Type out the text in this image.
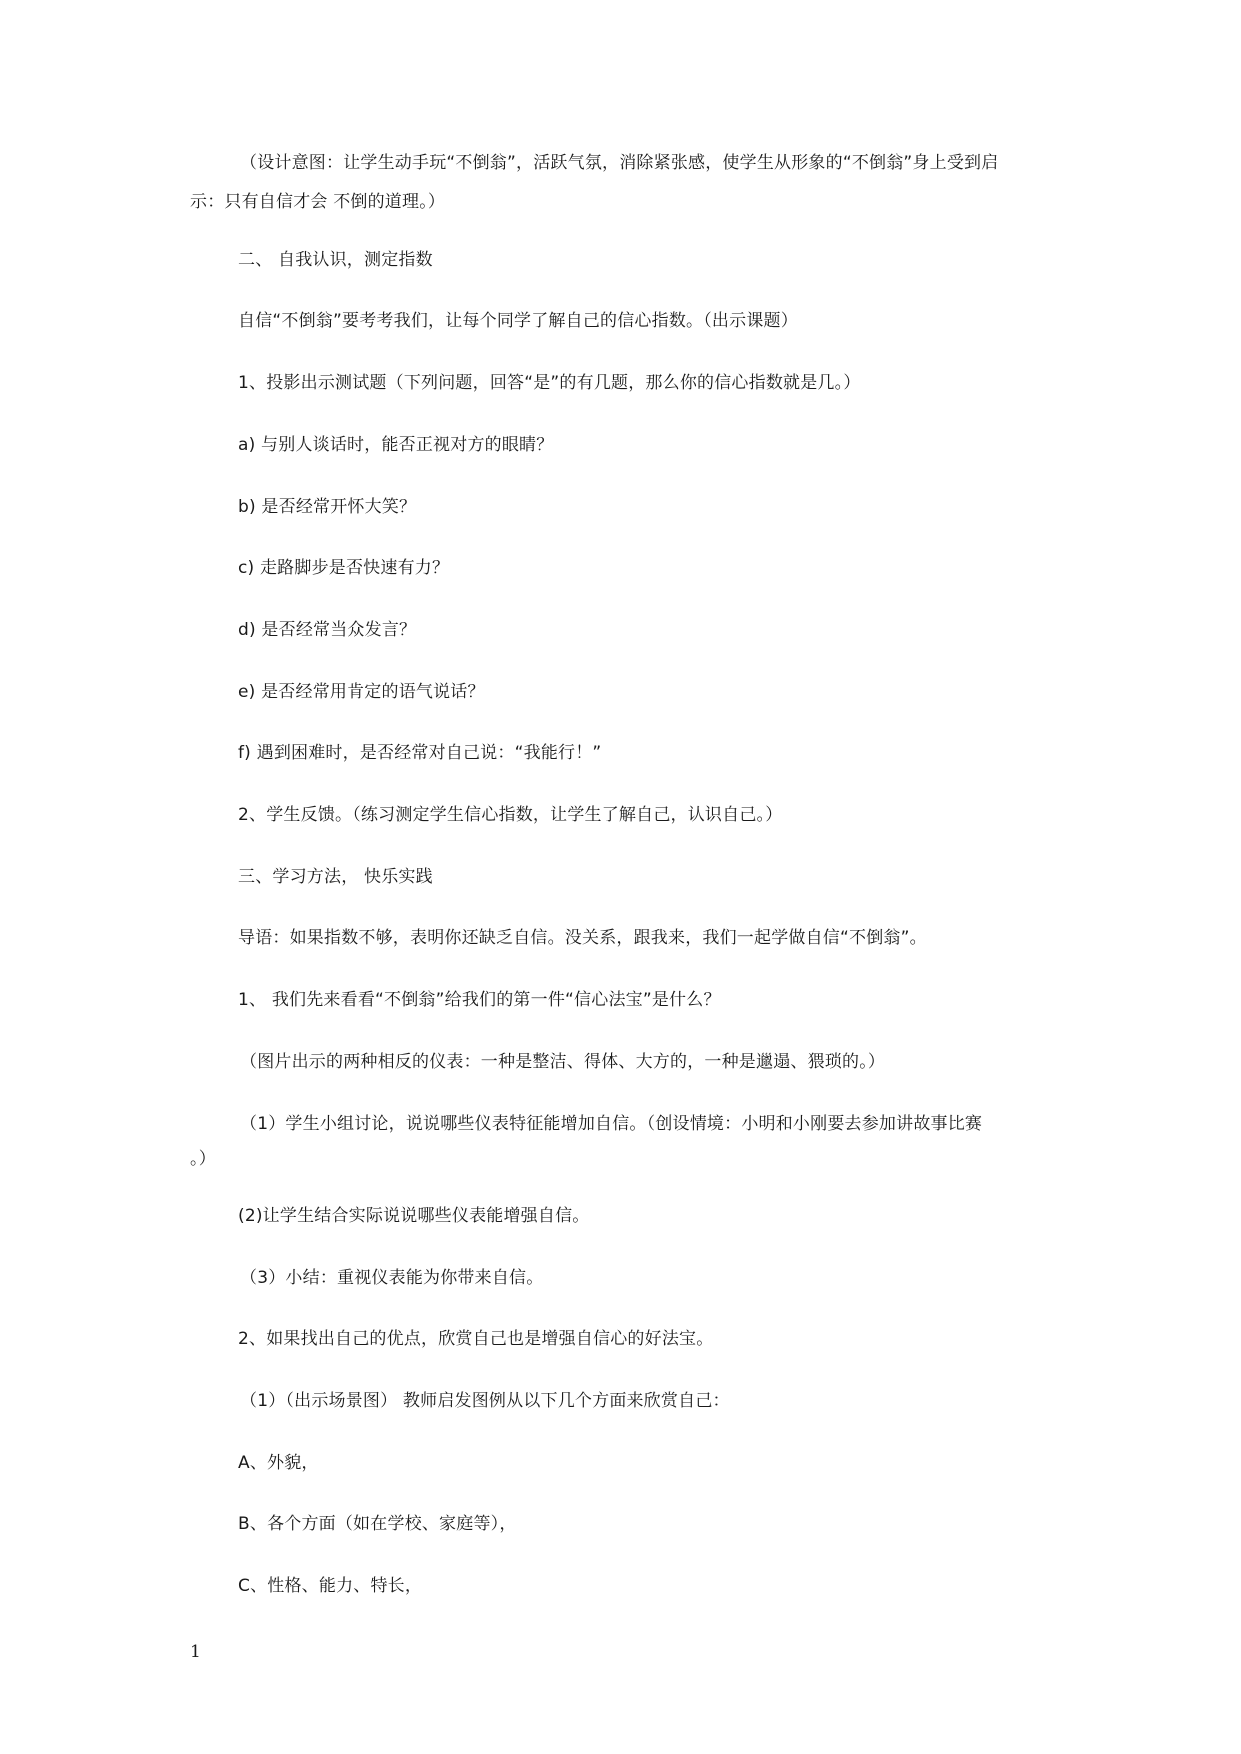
（设计意图：让学生动手玩“不倒翁”，活跃气氛，消除紧张感，使学生从形象的“不倒翁”身上受到启
示：只有自信才会 不倒的道理。）
二、 自我认识，测定指数
自信“不倒翁”要考考我们，让每个同学了解自己的信心指数。（出示课题）
1、投影出示测试题（下列问题，回答“是”的有几题，那么你的信心指数就是几。）
a) 与别人谈话时，能否正视对方的眼睛？
b) 是否经常开怀大笑？
c) 走路脚步是否快速有力？
d) 是否经常当众发言？
e) 是否经常用肯定的语气说话？
f) 遇到困难时，是否经常对自己说：“我能行！”
2、学生反馈。（练习测定学生信心指数，让学生了解自己，认识自己。）
三、学习方法， 快乐实践
导语：如果指数不够，表明你还缺乏自信。没关系，跟我来，我们一起学做自信“不倒翁”。
1、 我们先来看看“不倒翁”给我们的第一件“信心法宝”是什么？
（图片出示的两种相反的仪表：一种是整洁、得体、大方的，一种是邋遢、猥琐的。）
（1）学生小组讨论，说说哪些仪表特征能增加自信。（创设情境：小明和小刚要去参加讲故事比赛
。）
(2)让学生结合实际说说哪些仪表能增强自信。
（3）小结：重视仪表能为你带来自信。
2、如果找出自己的优点，欣赏自己也是增强自信心的好法宝。
（1）（出示场景图） 教师启发图例从以下几个方面来欣赏自己：
A、外貌，
B、各个方面（如在学校、家庭等），
C、性格、能力、特长，
1
